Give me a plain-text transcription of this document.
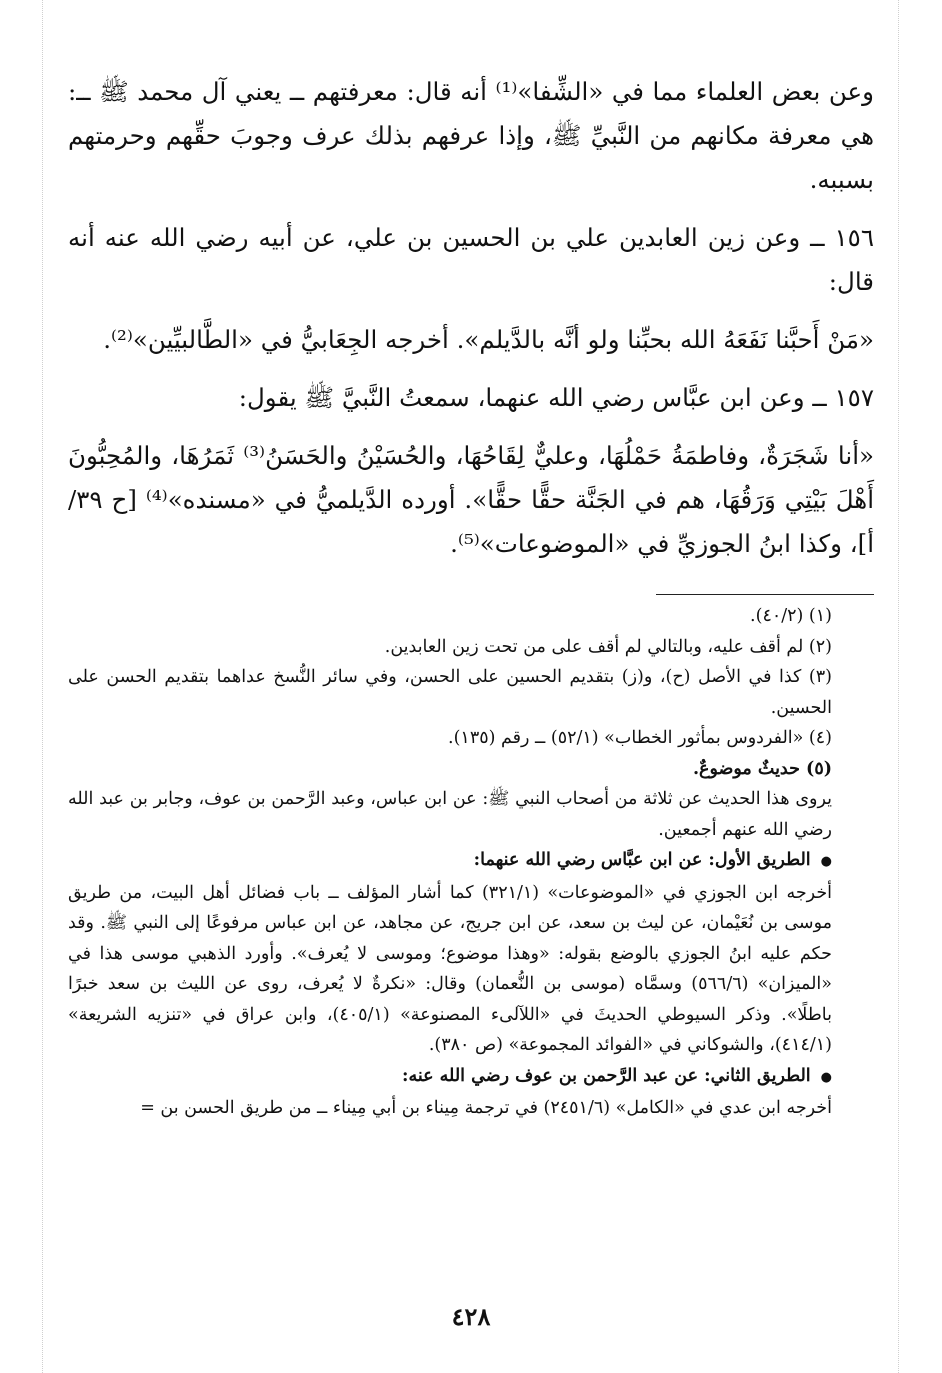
وعن بعض العلماء مما في «الشِّفا»⁽¹⁾ أنه قال: معرفتهم ــ يعني آل محمد ﷺ ــ: هي معرفة مكانهم من النَّبيِّ ﷺ، وإذا عرفهم بذلك عرف وجوبَ حقِّهم وحرمتهم بسببه.

١٥٦ ــ وعن زين العابدين علي بن الحسين بن علي، عن أبيه رضي الله عنه أنه قال:

«مَنْ أَحبَّنا نَفَعَهُ الله بحبِّنا ولو أنَّه بالدَّيلم». أخرجه الجِعَابيُّ في «الطَّالبيِّين»⁽²⁾.

١٥٧ ــ وعن ابن عبَّاس رضي الله عنهما، سمعتُ النَّبيَّ ﷺ يقول:

«أنا شَجَرَةٌ، وفاطمَةُ حَمْلُهَا، وعليٌّ لِقَاحُهَا، والحُسَيْنُ والحَسَنُ⁽³⁾ ثَمَرُهَا، والمُحِبُّونَ أَهْلَ بَيْتِي وَرَقُهَا، هم في الجَنَّة حقًّا حقًّا». أورده الدَّيلميُّ في «مسنده»⁽⁴⁾ [ح ٣٩/ أ]، وكذا ابنُ الجوزيِّ في «الموضوعات»⁽⁵⁾.

(١) (٤٠/٢).

(٢) لم أقف عليه، وبالتالي لم أقف على من تحت زين العابدين.

(٣) كذا في الأصل (ح)، و(ز) بتقديم الحسين على الحسن، وفي سائر النُّسخ عداهما بتقديم الحسن على الحسين.

(٤) «الفردوس بمأثور الخطاب» (٥٢/١) ــ رقم (١٣٥).

(٥) حديثٌ موضوعٌ.

يروى هذا الحديث عن ثلاثة من أصحاب النبي ﷺ: عن ابن عباس، وعبد الرَّحمن بن عوف، وجابر بن عبد الله رضي الله عنهم أجمعين.

● الطريق الأول: عن ابن عبَّاس رضي الله عنهما:

أخرجه ابن الجوزي في «الموضوعات» (٣٢١/١) كما أشار المؤلف ــ باب فضائل أهل البيت، من طريق موسى بن نُعَيْمان، عن ليث بن سعد، عن ابن جريج، عن مجاهد، عن ابن عباس مرفوعًا إلى النبي ﷺ. وقد حكم عليه ابنُ الجوزي بالوضع بقوله: «وهذا موضوع؛ وموسى لا يُعرف». وأورد الذهبي موسى هذا في «الميزان» (٥٦٦/٦) وسمَّاه (موسى بن النُّعمان) وقال: «نكرةٌ لا يُعرف، روى عن الليث بن سعد خبرًا باطلًا». وذكر السيوطي الحديثَ في «اللآلىء المصنوعة» (٤٠٥/١)، وابن عراق في «تنزيه الشريعة» (٤١٤/١)، والشوكاني في «الفوائد المجموعة» (ص ٣٨٠).

● الطريق الثاني: عن عبد الرَّحمن بن عوف رضي الله عنه:

أخرجه ابن عدي في «الكامل» (٢٤٥١/٦) في ترجمة مِيناء بن أبي مِيناء ــ من طريق الحسن بن =

٤٢٨
